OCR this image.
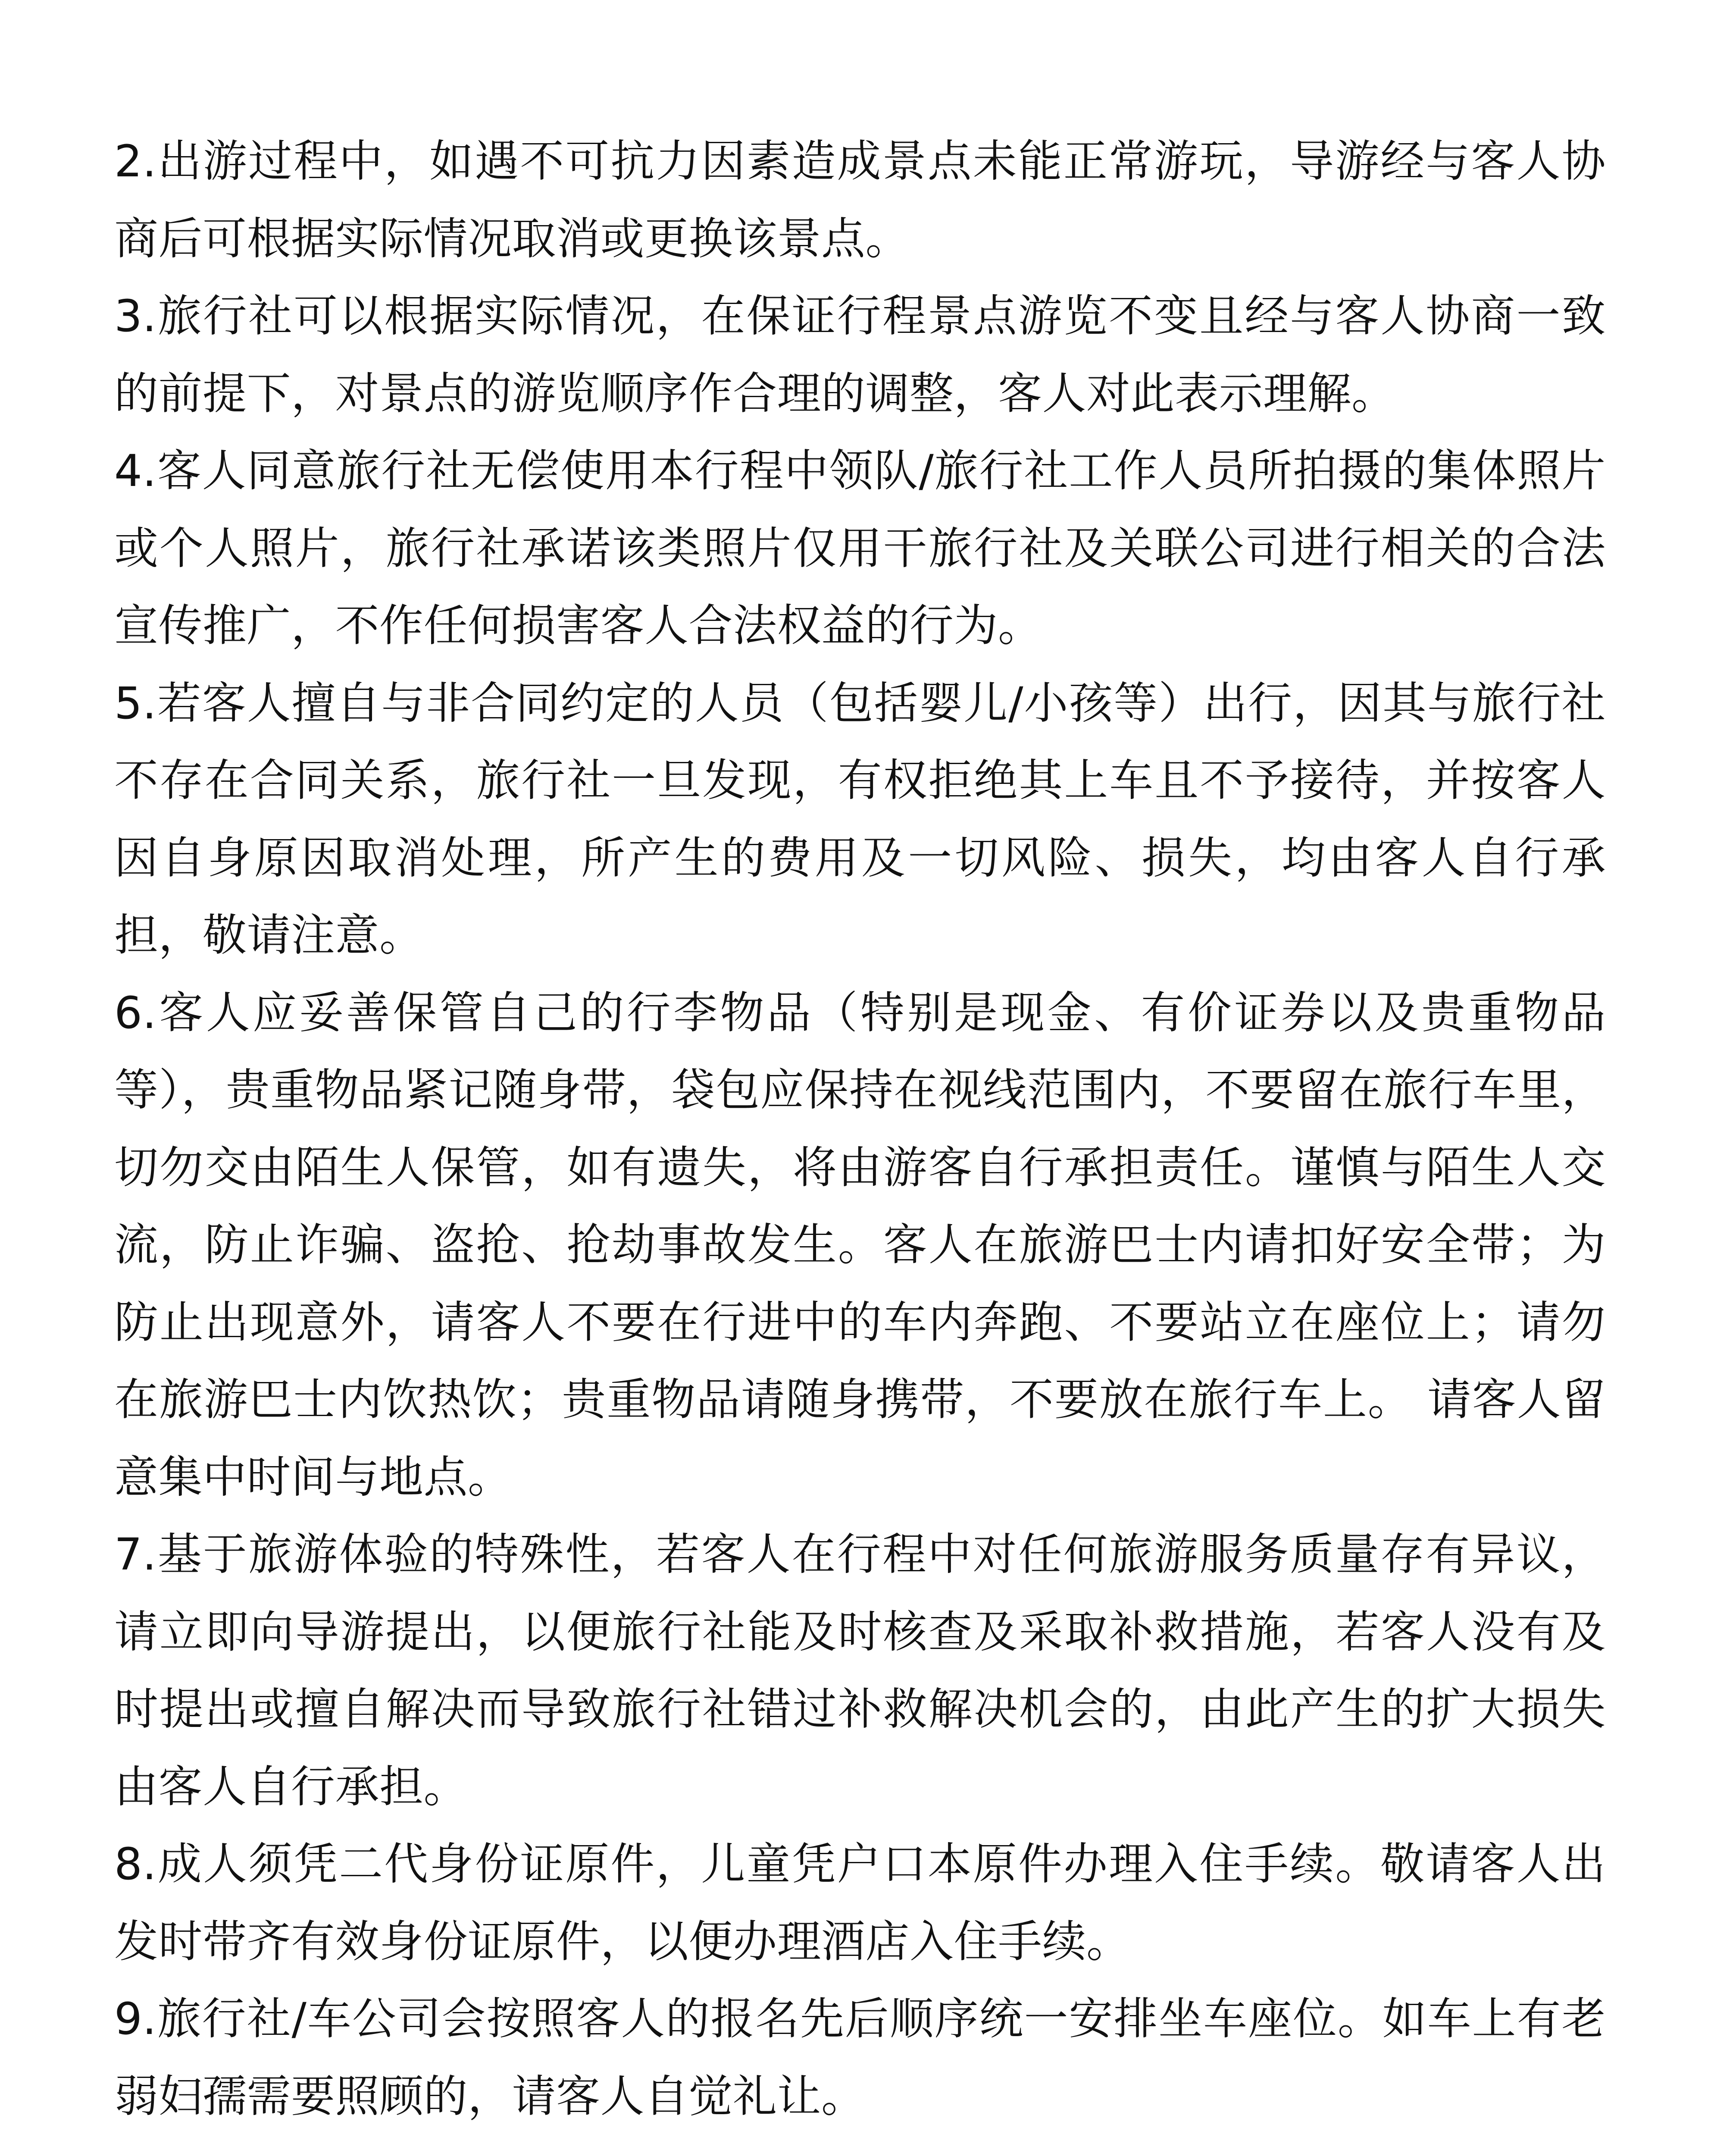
2.出游过程中，如遇不可抗力因素造成景点未能正常游玩，导游经与客人协商后可根据实际情况取消或更换该景点。

3.旅行社可以根据实际情况，在保证行程景点游览不变且经与客人协商一致的前提下，对景点的游览顺序作合理的调整，客人对此表示理解。

4.客人同意旅行社无偿使用本行程中领队/旅行社工作人员所拍摄的集体照片或个人照片，旅行社承诺该类照片仅用干旅行社及关联公司进行相关的合法宣传推广，不作任何损害客人合法权益的行为。

5.若客人擅自与非合同约定的人员（包括婴儿/小孩等）出行，因其与旅行社不存在合同关系，旅行社一旦发现，有权拒绝其上车且不予接待，并按客人因自身原因取消处理，所产生的费用及一切风险、损失，均由客人自行承担，敬请注意。

6.客人应妥善保管自己的行李物品（特别是现金、有价证券以及贵重物品等），贵重物品紧记随身带，袋包应保持在视线范围内，不要留在旅行车里，切勿交由陌生人保管，如有遗失，将由游客自行承担责任。谨慎与陌生人交流，防止诈骗、盗抢、抢劫事故发生。客人在旅游巴士内请扣好安全带；为防止出现意外，请客人不要在行进中的车内奔跑、不要站立在座位上；请勿在旅游巴士内饮热饮；贵重物品请随身携带，不要放在旅行车上。 请客人留意集中时间与地点。

7.基于旅游体验的特殊性，若客人在行程中对任何旅游服务质量存有异议，请立即向导游提出，以便旅行社能及时核查及采取补救措施，若客人没有及时提出或擅自解决而导致旅行社错过补救解决机会的，由此产生的扩大损失由客人自行承担。

8.成人须凭二代身份证原件，儿童凭户口本原件办理入住手续。敬请客人出发时带齐有效身份证原件，以便办理酒店入住手续。

9.旅行社/车公司会按照客人的报名先后顺序统一安排坐车座位。如车上有老弱妇孺需要照顾的，请客人自觉礼让。
